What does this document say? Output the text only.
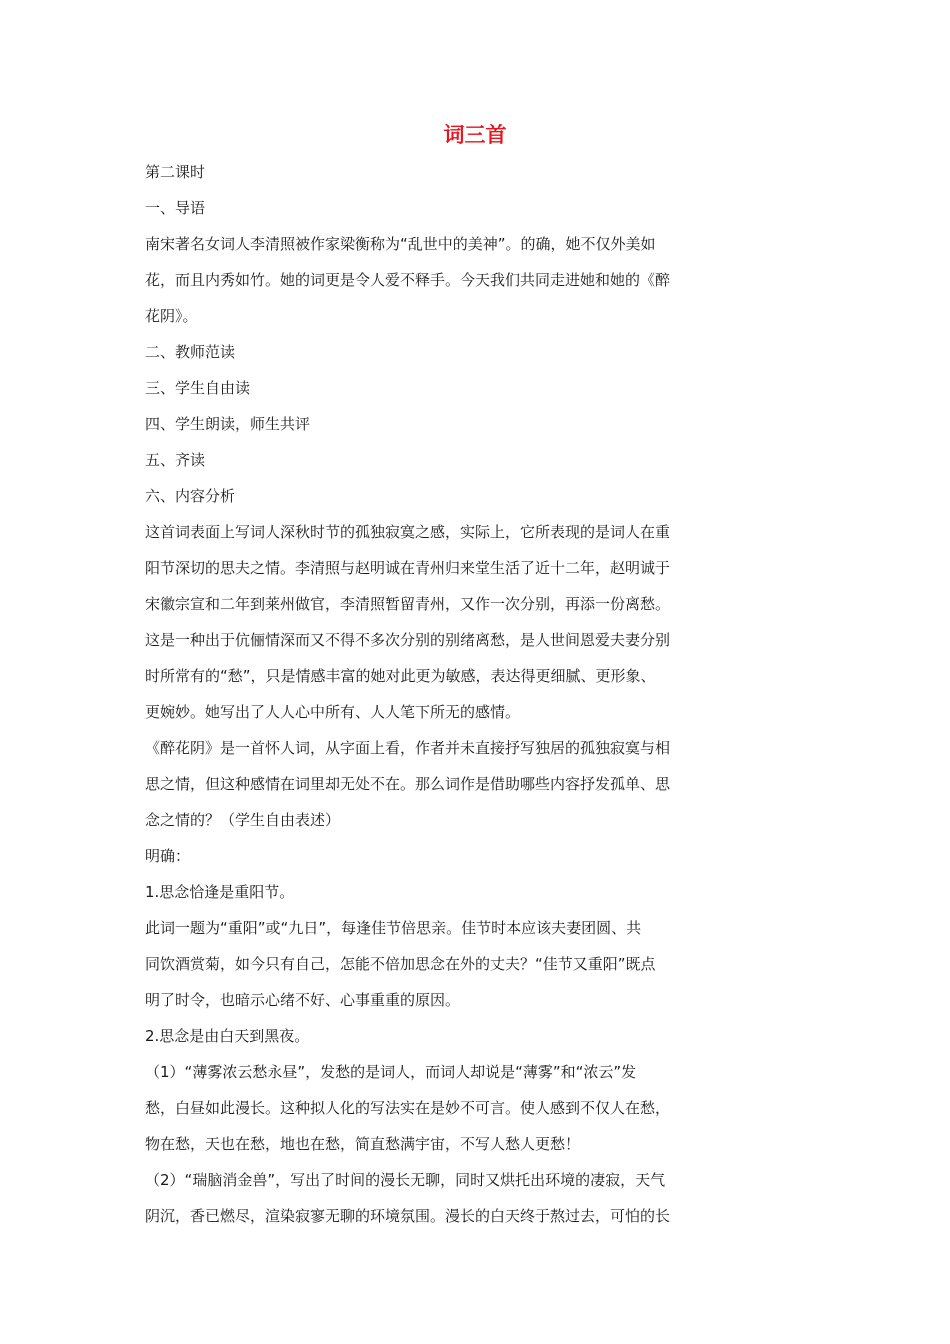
词三首
第二课时
一、导语
南宋著名女词人李清照被作家梁衡称为“乱世中的美神”。的确，她不仅外美如
花，而且内秀如竹。她的词更是令人爱不释手。今天我们共同走进她和她的《醉
花阴》。
二、教师范读
三、学生自由读
四、学生朗读，师生共评
五、齐读
六、内容分析
这首词表面上写词人深秋时节的孤独寂寞之感，实际上，它所表现的是词人在重
阳节深切的思夫之情。李清照与赵明诚在青州归来堂生活了近十二年，赵明诚于
宋徽宗宣和二年到莱州做官，李清照暂留青州，又作一次分别，再添一份离愁。
这是一种出于伉俪情深而又不得不多次分别的别绪离愁，是人世间恩爱夫妻分别
时所常有的“愁”，只是情感丰富的她对此更为敏感，表达得更细腻、更形象、
更婉妙。她写出了人人心中所有、人人笔下所无的感情。
《醉花阴》是一首怀人词，从字面上看，作者并未直接抒写独居的孤独寂寞与相
思之情，但这种感情在词里却无处不在。那么词作是借助哪些内容抒发孤单、思
念之情的？（学生自由表述）
明确：
1.思念恰逢是重阳节。
此词一题为“重阳”或“九日”，每逢佳节倍思亲。佳节时本应该夫妻团圆、共
同饮酒赏菊，如今只有自己，怎能不倍加思念在外的丈夫？“佳节又重阳”既点
明了时令，也暗示心绪不好、心事重重的原因。
2.思念是由白天到黑夜。
（1）“薄雾浓云愁永昼”，发愁的是词人，而词人却说是“薄雾”和“浓云”发
愁，白昼如此漫长。这种拟人化的写法实在是妙不可言。使人感到不仅人在愁，
物在愁，天也在愁，地也在愁，简直愁满宇宙，不写人愁人更愁！
（2）“瑞脑消金兽”，写出了时间的漫长无聊，同时又烘托出环境的凄寂，天气
阴沉，香已燃尽，渲染寂寥无聊的环境氛围。漫长的白天终于熬过去，可怕的长
